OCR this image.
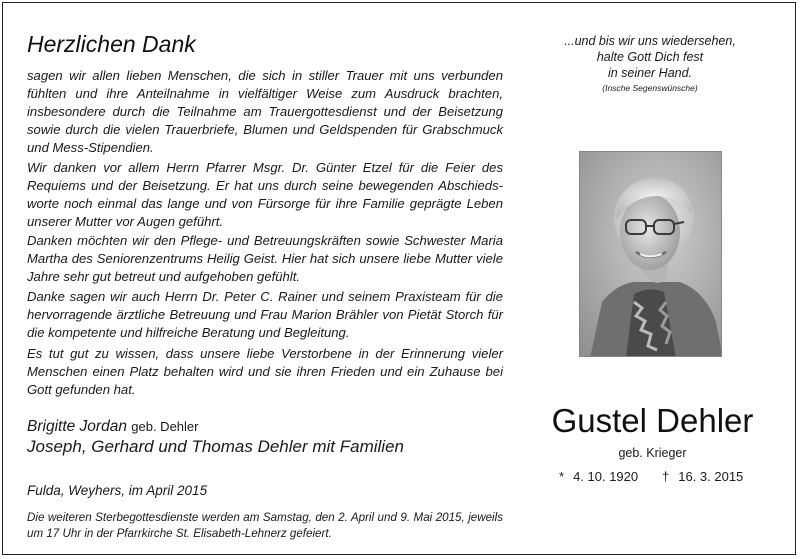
Herzlichen Dank

sagen wir allen lieben Menschen, die sich in stiller Trauer mit uns verbunden fühlten und ihre Anteilnahme in vielfältiger Weise zum Ausdruck brachten, insbesondere durch die Teilnahme am Trauergottesdienst und der Beisetzung sowie durch die vielen Trauerbriefe, Blumen und Geldspenden für Grabschmuck und Mess-Stipendien.

Wir danken vor allem Herrn Pfarrer Msgr. Dr. Günter Etzel für die Feier des Requiems und der Beisetzung. Er hat uns durch seine bewegenden Abschiedsworte noch einmal das lange und von Fürsorge für ihre Familie geprägte Leben unserer Mutter vor Augen geführt.

Danken möchten wir den Pflege- und Betreuungskräften sowie Schwester Maria Martha des Seniorenzentrums Heilig Geist. Hier hat sich unsere liebe Mutter viele Jahre sehr gut betreut und aufgehoben gefühlt.

Danke sagen wir auch Herrn Dr. Peter C. Rainer und seinem Praxisteam für die hervorragende ärztliche Betreuung und Frau Marion Brähler von Pietät Storch für die kompetente und hilfreiche Beratung und Begleitung.

Es tut gut zu wissen, dass unsere liebe Verstorbene in der Erinnerung vieler Menschen einen Platz behalten wird und sie ihren Frieden und ein Zuhause bei Gott gefunden hat.

Brigitte Jordan geb. Dehler
Joseph, Gerhard und Thomas Dehler mit Familien
Fulda, Weyhers, im April 2015

Die weiteren Sterbegottesdienste werden am Samstag, den 2. April und 9. Mai 2015, jeweils um 17 Uhr in der Pfarrkirche St. Elisabeth-Lehnerz gefeiert.

...und bis wir uns wiedersehen,
halte Gott Dich fest
in seiner Hand.
(Insche Segenswünsche)
Gustel Dehler
geb. Krieger
* 4. 10. 1920 † 16. 3. 2015
